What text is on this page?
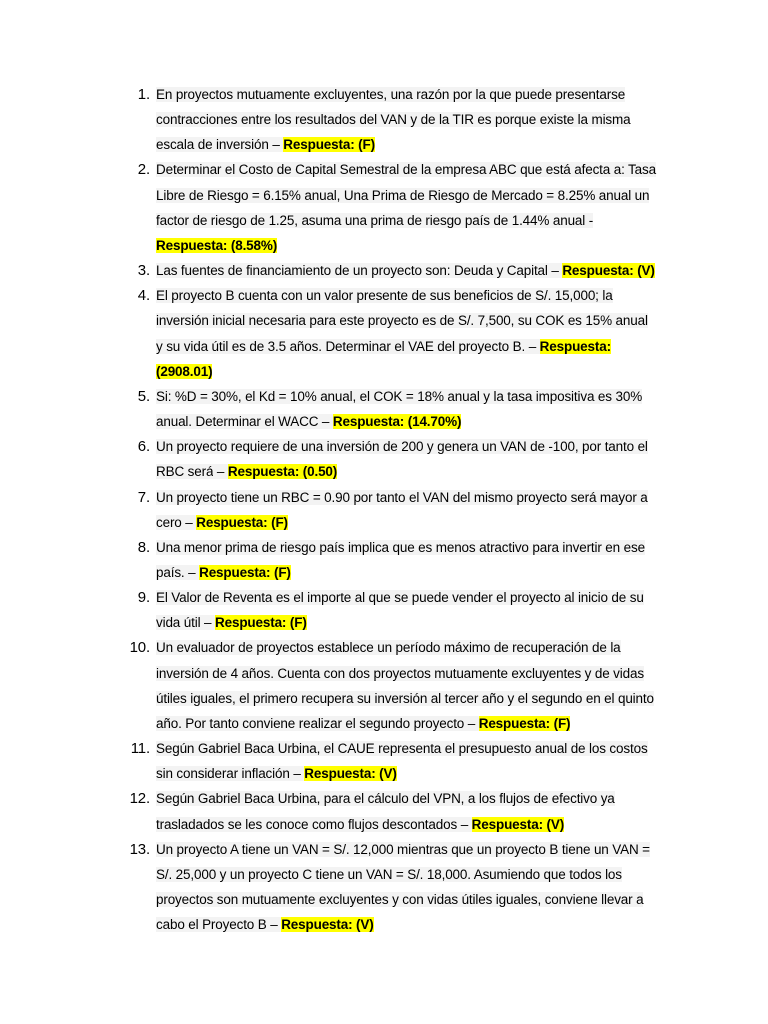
1. En proyectos mutuamente excluyentes, una razón por la que puede presentarse contracciones entre los resultados del VAN y de la TIR es porque existe la misma escala de inversión – Respuesta: (F)
2. Determinar el Costo de Capital Semestral de la empresa ABC que está afecta a: Tasa Libre de Riesgo = 6.15% anual, Una Prima de Riesgo de Mercado = 8.25% anual un factor de riesgo de 1.25, asuma una prima de riesgo país de 1.44% anual - Respuesta: (8.58%)
3. Las fuentes de financiamiento de un proyecto son: Deuda y Capital – Respuesta: (V)
4. El proyecto B cuenta con un valor presente de sus beneficios de S/. 15,000; la inversión inicial necesaria para este proyecto es de S/. 7,500, su COK es 15% anual y su vida útil es de 3.5 años. Determinar el VAE del proyecto B. – Respuesta: (2908.01)
5. Si: %D = 30%, el Kd = 10% anual, el COK = 18% anual y la tasa impositiva es 30% anual. Determinar el WACC – Respuesta: (14.70%)
6. Un proyecto requiere de una inversión de 200 y genera un VAN de -100, por tanto el RBC será – Respuesta: (0.50)
7. Un proyecto tiene un RBC = 0.90 por tanto el VAN del mismo proyecto será mayor a cero – Respuesta: (F)
8. Una menor prima de riesgo país implica que es menos atractivo para invertir en ese país. – Respuesta: (F)
9. El Valor de Reventa es el importe al que se puede vender el proyecto al inicio de su vida útil – Respuesta: (F)
10. Un evaluador de proyectos establece un período máximo de recuperación de la inversión de 4 años. Cuenta con dos proyectos mutuamente excluyentes y de vidas útiles iguales, el primero recupera su inversión al tercer año y el segundo en el quinto año. Por tanto conviene realizar el segundo proyecto – Respuesta: (F)
11. Según Gabriel Baca Urbina, el CAUE representa el presupuesto anual de los costos sin considerar inflación – Respuesta: (V)
12. Según Gabriel Baca Urbina, para el cálculo del VPN, a los flujos de efectivo ya trasladados se les conoce como flujos descontados – Respuesta: (V)
13. Un proyecto A tiene un VAN = S/. 12,000 mientras que un proyecto B tiene un VAN = S/. 25,000 y un proyecto C tiene un VAN = S/. 18,000. Asumiendo que todos los proyectos son mutuamente excluyentes y con vidas útiles iguales, conviene llevar a cabo el Proyecto B – Respuesta: (V)
